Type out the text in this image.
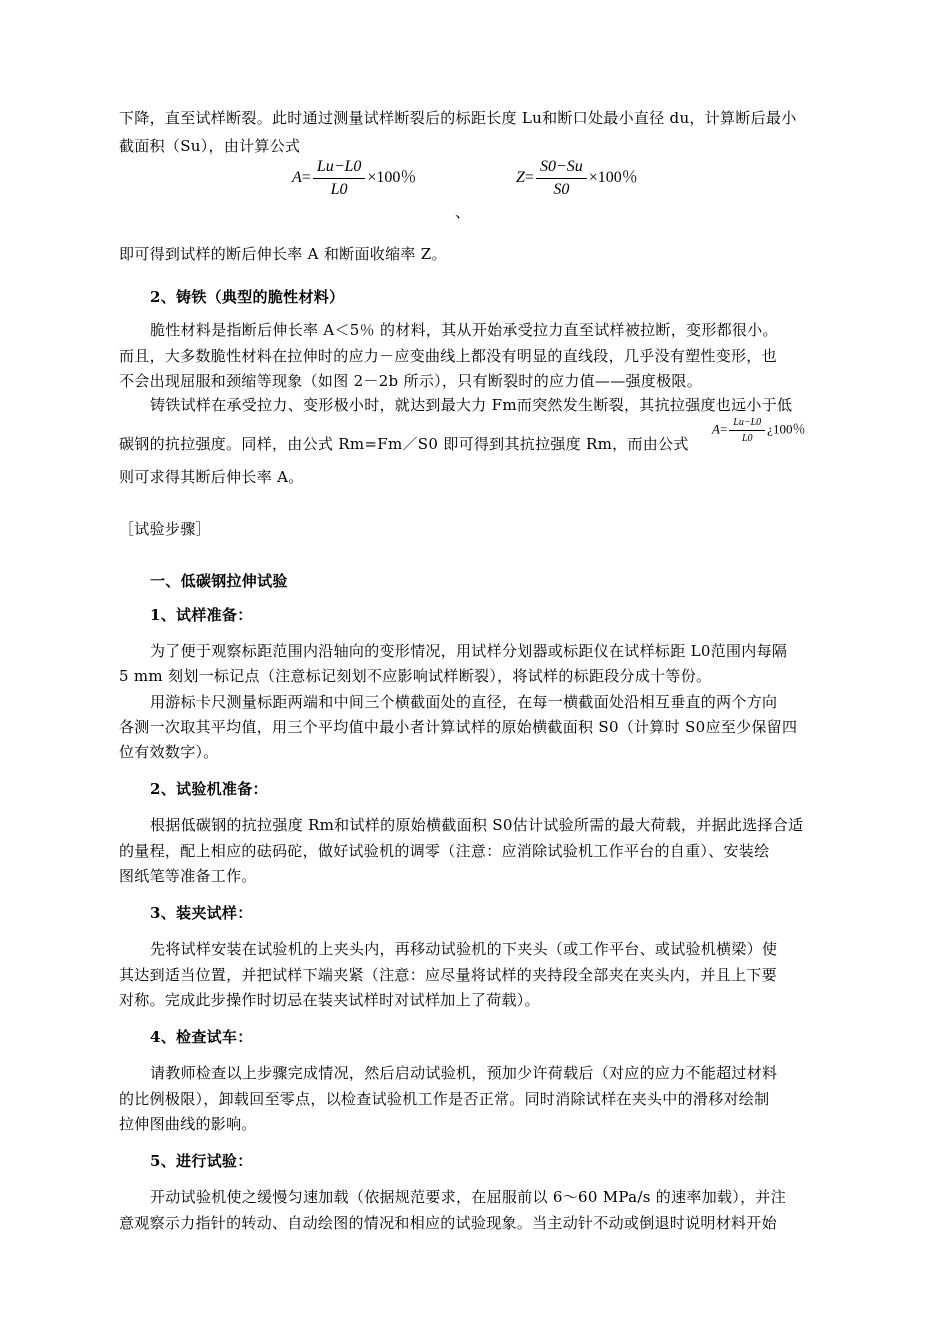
下降，直至试样断裂。此时通过测量试样断裂后的标距长度 Lu和断口处最小直径 du，计算断后最小
截面积（Su），由计算公式
$A= \frac{Lu-L0}{L0} \times 100$％
、
$Z= \frac{S0-Su}{S0} \times 100$％
即可得到试样的断后伸长率 A 和断面收缩率 Z。
2、铸铁（典型的脆性材料）
脆性材料是指断后伸长率 A＜5％ 的材料，其从开始承受拉力直至试样被拉断，变形都很小。
而且，大多数脆性材料在拉伸时的应力－应变曲线上都没有明显的直线段，几乎没有塑性变形，也
不会出现屈服和颈缩等现象（如图 2－2b 所示），只有断裂时的应力值——强度极限。
铸铁试样在承受拉力、变形极小时，就达到最大力 Fm而突然发生断裂，其抗拉强度也远小于低
碳钢的抗拉强度。同样，由公式 Rm=Fm／S0 即可得到其抗拉强度 Rm，而由公式
$A= \frac{Lu-L0}{L0}$ ¿100％
则可求得其断后伸长率 A。
［试验步骤］
一、低碳钢拉伸试验
1、试样准备：
为了便于观察标距范围内沿轴向的变形情况，用试样分划器或标距仪在试样标距 L0范围内每隔
5 mm 刻划一标记点（注意标记刻划不应影响试样断裂），将试样的标距段分成十等份。
用游标卡尺测量标距两端和中间三个横截面处的直径，在每一横截面处沿相互垂直的两个方向
各测一次取其平均值，用三个平均值中最小者计算试样的原始横截面积 S0（计算时 S0应至少保留四
位有效数字）。
2、试验机准备：
根据低碳钢的抗拉强度 Rm和试样的原始横截面积 S0估计试验所需的最大荷载，并据此选择合适
的量程，配上相应的砝码砣，做好试验机的调零（注意：应消除试验机工作平台的自重）、安装绘
图纸笔等准备工作。
3、装夹试样：
先将试样安装在试验机的上夹头内，再移动试验机的下夹头（或工作平台、或试验机横梁）使
其达到适当位置，并把试样下端夹紧（注意：应尽量将试样的夹持段全部夹在夹头内，并且上下要
对称。完成此步操作时切忌在装夹试样时对试样加上了荷载）。
4、检查试车：
请教师检查以上步骤完成情况，然后启动试验机，预加少许荷载后（对应的应力不能超过材料
的比例极限），卸载回至零点，以检查试验机工作是否正常。同时消除试样在夹头中的滑移对绘制
拉伸图曲线的影响。
5、进行试验：
开动试验机使之缓慢匀速加载（依据规范要求，在屈服前以 6～60 MPa/s 的速率加载），并注
意观察示力指针的转动、自动绘图的情况和相应的试验现象。当主动针不动或倒退时说明材料开始
